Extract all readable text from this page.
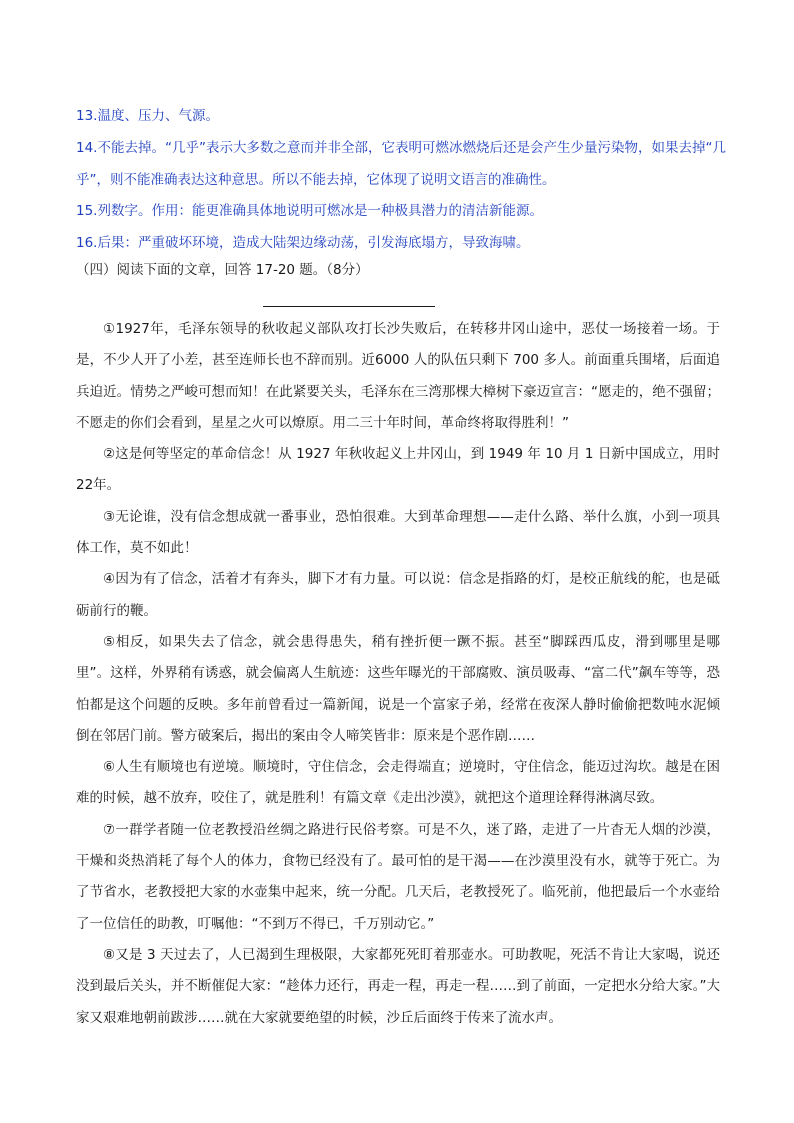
13.温度、压力、气源。

14.不能去掉。“几乎”表示大多数之意而并非全部，它表明可燃冰燃烧后还是会产生少量污染物，如果去掉“几乎”，则不能准确表达这种意思。所以不能去掉，它体现了说明文语言的准确性。

15.列数字。作用：能更准确具体地说明可燃冰是一种极具潜力的清洁新能源。

16.后果：严重破坏环境，造成大陆架边缘动荡，引发海底塌方，导致海啸。

（四）阅读下面的文章，回答 17-20 题。（8分）

①1927年，毛泽东领导的秋收起义部队攻打长沙失败后，在转移井冈山途中，恶仗一场接着一场。于是，不少人开了小差，甚至连师长也不辞而别。近6000 人的队伍只剩下 700 多人。前面重兵围堵，后面追兵迫近。情势之严峻可想而知！在此紧要关头，毛泽东在三湾那棵大樟树下豪迈宣言：“愿走的，绝不强留；不愿走的你们会看到，星星之火可以燎原。用二三十年时间，革命终将取得胜利！”

②这是何等坚定的革命信念！从 1927 年秋收起义上井冈山，到 1949 年 10 月 1 日新中国成立，用时22年。

③无论谁，没有信念想成就一番事业，恐怕很难。大到革命理想——走什么路、举什么旗，小到一项具体工作，莫不如此！

④因为有了信念，活着才有奔头，脚下才有力量。可以说：信念是指路的灯，是校正航线的舵，也是砥砺前行的鞭。

⑤相反，如果失去了信念，就会患得患失，稍有挫折便一蹶不振。甚至“脚踩西瓜皮，滑到哪里是哪里”。这样，外界稍有诱惑，就会偏离人生航迹：这些年曝光的干部腐败、演员吸毒、“富二代”飙车等等，恐怕都是这个问题的反映。多年前曾看过一篇新闻，说是一个富家子弟，经常在夜深人静时偷偷把数吨水泥倾倒在邻居门前。警方破案后，揭出的案由令人啼笑皆非：原来是个恶作剧……

⑥人生有顺境也有逆境。顺境时，守住信念，会走得端直；逆境时，守住信念，能迈过沟坎。越是在困难的时候，越不放弃，咬住了，就是胜利！有篇文章《走出沙漠》，就把这个道理诠释得淋漓尽致。

⑦一群学者随一位老教授沿丝绸之路进行民俗考察。可是不久，迷了路，走进了一片杳无人烟的沙漠，干燥和炎热消耗了每个人的体力，食物已经没有了。最可怕的是干渴——在沙漠里没有水，就等于死亡。为了节省水，老教授把大家的水壶集中起来，统一分配。几天后，老教授死了。临死前，他把最后一个水壶给了一位信任的助教，叮嘱他：“不到万不得已，千万别动它。”

⑧又是 3 天过去了，人已渴到生理极限，大家都死死盯着那壶水。可助教呢，死活不肯让大家喝，说还没到最后关头，并不断催促大家：“趁体力还行，再走一程，再走一程……到了前面，一定把水分给大家。”大家又艰难地朝前跋涉……就在大家就要绝望的时候，沙丘后面终于传来了流水声。
